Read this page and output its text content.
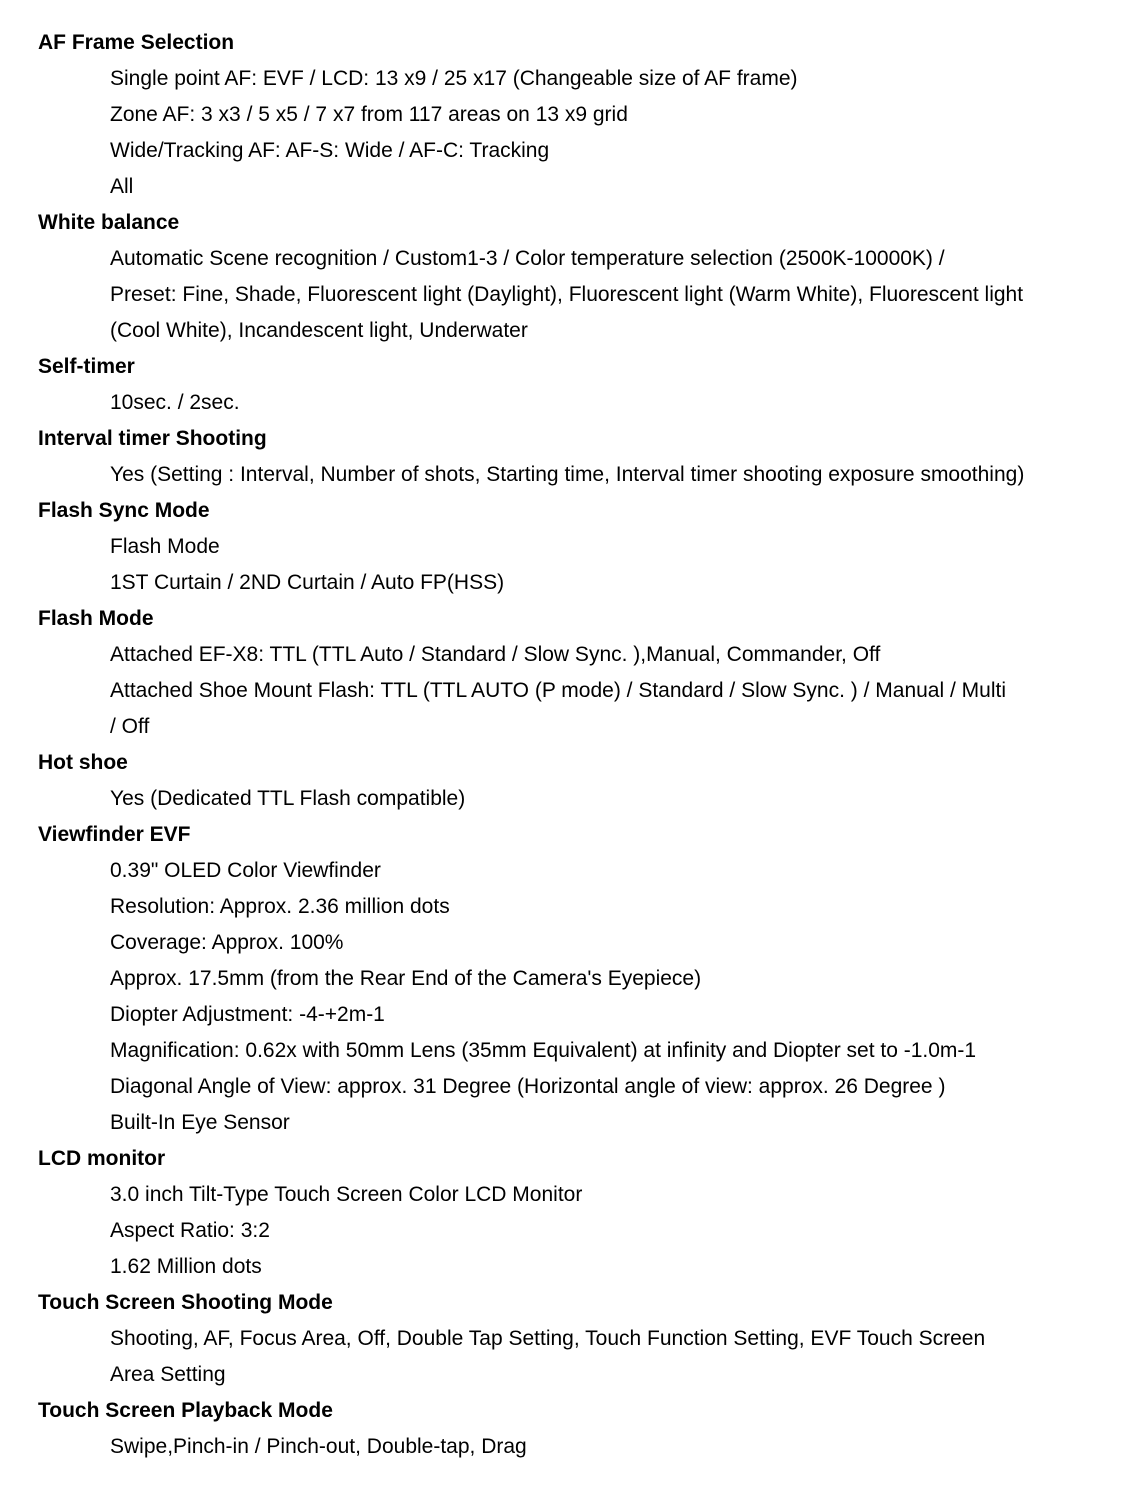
AF Frame Selection
Single point AF: EVF / LCD: 13 x9 / 25 x17 (Changeable size of AF frame)
Zone AF: 3 x3 / 5 x5 / 7 x7 from 117 areas on 13 x9 grid
Wide/Tracking AF: AF-S: Wide / AF-C: Tracking
All
White balance
Automatic Scene recognition / Custom1-3 / Color temperature selection (2500K-10000K) /
Preset: Fine, Shade, Fluorescent light (Daylight), Fluorescent light (Warm White), Fluorescent light
(Cool White), Incandescent light, Underwater
Self-timer
10sec. / 2sec.
Interval timer Shooting
Yes (Setting : Interval, Number of shots, Starting time, Interval timer shooting exposure smoothing)
Flash Sync Mode
Flash Mode
1ST Curtain / 2ND Curtain / Auto FP(HSS)
Flash Mode
Attached EF-X8: TTL (TTL Auto / Standard / Slow Sync. ),Manual, Commander, Off
Attached Shoe Mount Flash: TTL (TTL AUTO (P mode) / Standard / Slow Sync. ) / Manual / Multi
/ Off
Hot shoe
Yes (Dedicated TTL Flash compatible)
Viewfinder EVF
0.39" OLED Color Viewfinder
Resolution: Approx. 2.36 million dots
Coverage: Approx. 100%
Approx. 17.5mm (from the Rear End of the Camera's Eyepiece)
Diopter Adjustment: -4-+2m-1
Magnification: 0.62x with 50mm Lens (35mm Equivalent) at infinity and Diopter set to -1.0m-1
Diagonal Angle of View: approx. 31 Degree (Horizontal angle of view: approx. 26 Degree )
Built-In Eye Sensor
LCD monitor
3.0 inch Tilt-Type Touch Screen Color LCD Monitor
Aspect Ratio: 3:2
1.62 Million dots
Touch Screen Shooting Mode
Shooting, AF, Focus Area, Off, Double Tap Setting, Touch Function Setting, EVF Touch Screen
Area Setting
Touch Screen Playback Mode
Swipe,Pinch-in / Pinch-out, Double-tap, Drag
